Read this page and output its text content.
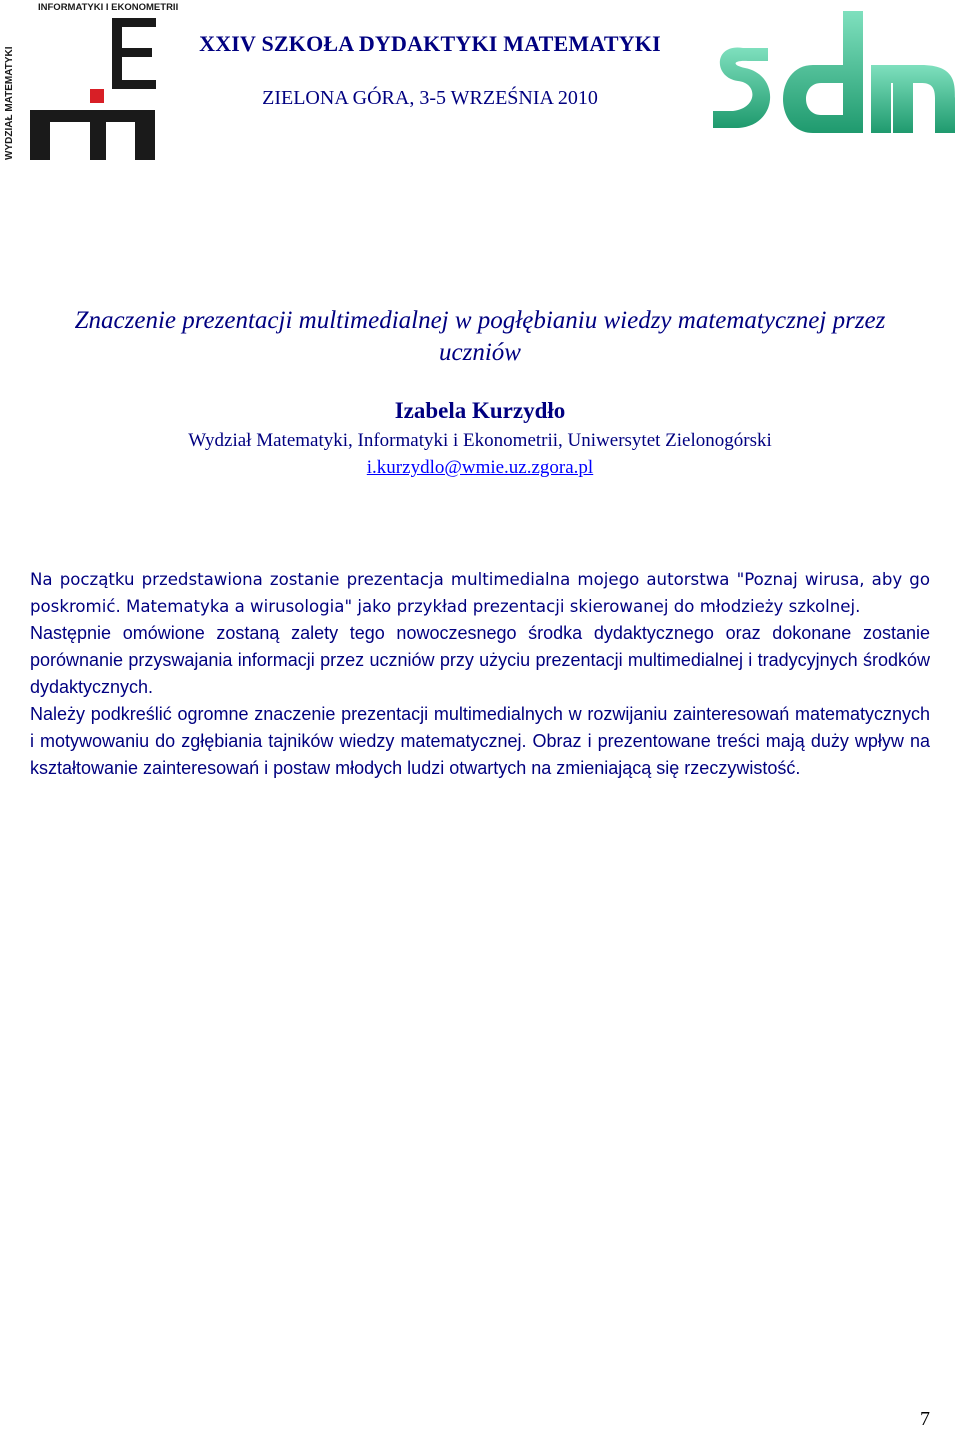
INFORMATYKI I EKONOMETRII
WYDZIAŁ MATEMATYKI
XXIV SZKOŁA DYDAKTYKI MATEMATYKI
ZIELONA GÓRA, 3-5 WRZEŚNIA 2010
Znaczenie prezentacji multimedialnej w pogłębianiu wiedzy matematycznej przez uczniów
Izabela Kurzydło
Wydział Matematyki, Informatyki i Ekonometrii, Uniwersytet Zielonogórski
i.kurzydlo@wmie.uz.zgora.pl

Na początku przedstawiona zostanie prezentacja multimedialna mojego autorstwa "Poznaj wirusa, aby go poskromić. Matematyka a wirusologia" jako przykład prezentacji skierowanej do młodzieży szkolnej.

Następnie omówione zostaną zalety tego nowoczesnego środka dydaktycznego oraz dokonane zostanie porównanie przyswajania informacji przez uczniów przy użyciu prezentacji multimedialnej i tradycyjnych środków dydaktycznych.

Należy podkreślić ogromne znaczenie prezentacji multimedialnych w rozwijaniu zainteresowań matematycznych i motywowaniu do zgłębiania tajników wiedzy matematycznej. Obraz i prezentowane treści mają duży wpływ na kształtowanie zainteresowań i postaw młodych ludzi otwartych na zmieniającą się rzeczywistość.

7
